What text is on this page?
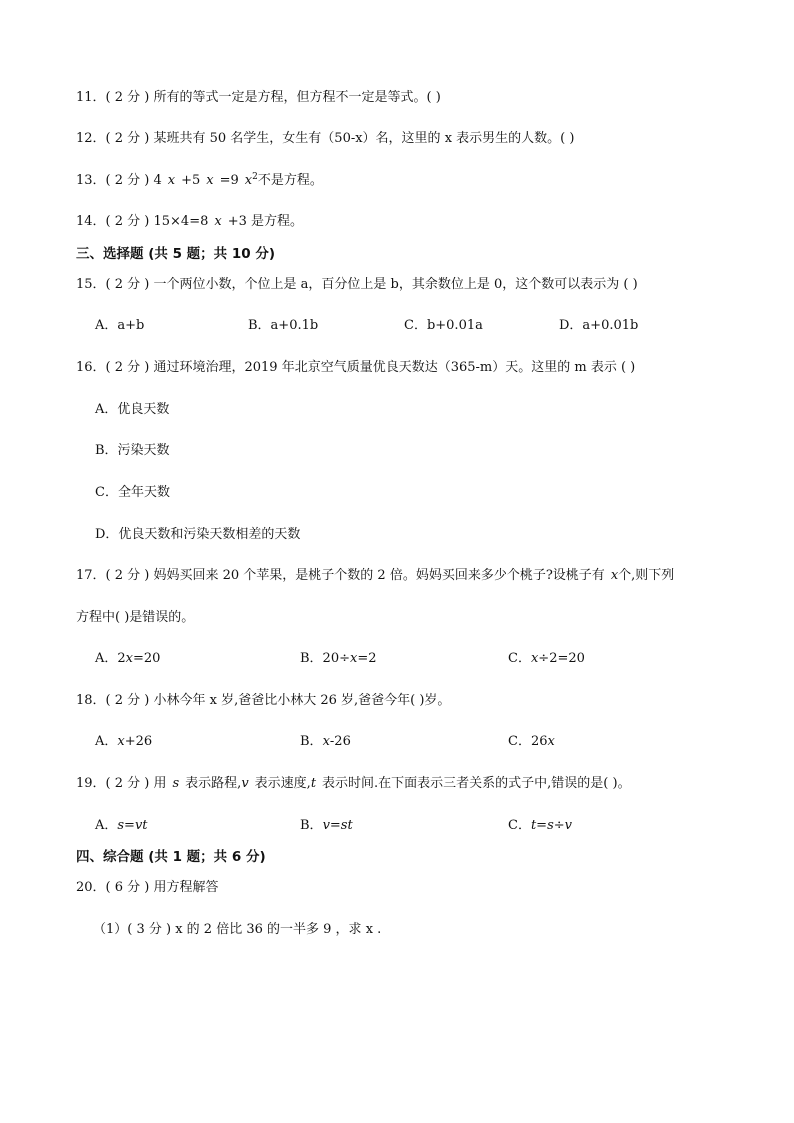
11．( 2 分 ) 所有的等式一定是方程，但方程不一定是等式。( )
12．( 2 分 ) 某班共有 50 名学生，女生有（50-x）名，这里的 x 表示男生的人数。( )
13．( 2 分 ) 4 x +5 x =9 $x^2$不是方程。
14．( 2 分 ) 15×4=8 x +3 是方程。
三、选择题 (共 5 题；共 10 分)
15．( 2 分 ) 一个两位小数，个位上是 a，百分位上是 b，其余数位上是 0，这个数可以表示为 ( )
A．a+b	B．a+0.1b	C．b+0.01a	D．a+0.01b
16．( 2 分 ) 通过环境治理，2019 年北京空气质量优良天数达（365-m）天。这里的 m 表示 ( )
A．优良天数
B．污染天数
C．全年天数
D．优良天数和污染天数相差的天数
17．( 2 分 ) 妈妈买回来 20 个苹果，是桃子个数的 2 倍。妈妈买回来多少个桃子?设桃子有 x个,则下列
方程中( )是错误的。
A．2x=20	B．20÷x=2	C．x÷2=20
18．( 2 分 ) 小林今年 x 岁,爸爸比小林大 26 岁,爸爸今年( )岁。
A．x+26	B．x-26	C．26x
19．( 2 分 ) 用 s 表示路程,v 表示速度,t 表示时间.在下面表示三者关系的式子中,错误的是( )。
A．s=vt	B．v=st	C．t=s÷v
四、综合题 (共 1 题；共 6 分)
20．( 6 分 ) 用方程解答
（1）( 3 分 ) x 的 2 倍比 36 的一半多 9 ，求 x .
